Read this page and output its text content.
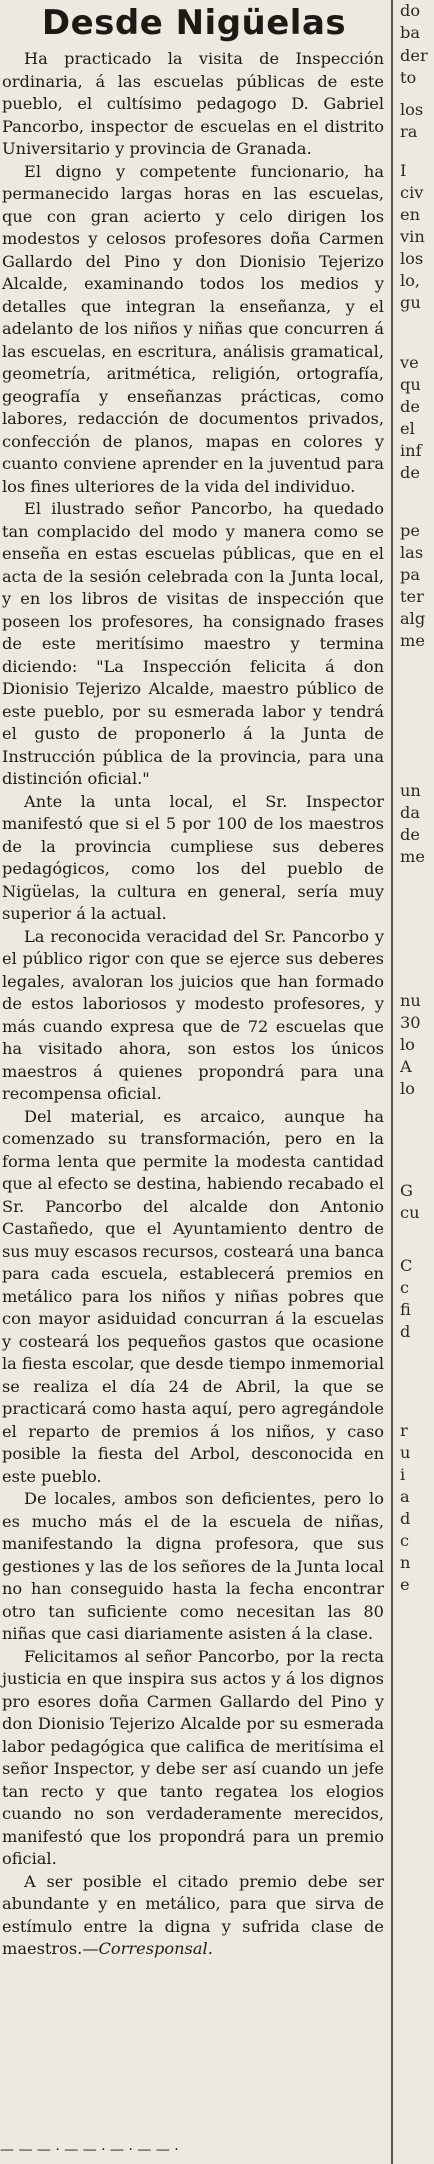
Desde Nigüelas

Ha practicado la visita de Inspección ordinaria, á las escuelas públicas de este pueblo, el cultísimo pedagogo D. Gabriel Pancorbo, inspector de escuelas en el distrito Universitario y provincia de Granada.

El digno y competente funcionario, ha permanecido largas horas en las escuelas, que con gran acierto y celo dirigen los modestos y celosos profesores doña Carmen Gallardo del Pino y don Dionisio Tejerizo Alcalde, examinando todos los medios y detalles que integran la enseñanza, y el adelanto de los niños y niñas que concurren á las escuelas, en escritura, análisis gramatical, geometría, aritmética, religión, ortografía, geografía y enseñanzas prácticas, como labores, redacción de documentos privados, confección de planos, mapas en colores y cuanto conviene aprender en la juventud para los fines ulteriores de la vida del individuo.

El ilustrado señor Pancorbo, ha quedado tan complacido del modo y manera como se enseña en estas escuelas públicas, que en el acta de la sesión celebrada con la Junta local, y en los libros de visitas de inspección que poseen los profesores, ha consignado frases de este meritísimo maestro y termina diciendo: "La Inspección felicita á don Dionisio Tejerizo Alcalde, maestro público de este pueblo, por su esmerada labor y tendrá el gusto de proponerlo á la Junta de Instrucción pública de la provincia, para una distinción oficial."

Ante la unta local, el Sr. Inspector manifestó que si el 5 por 100 de los maestros de la provincia cumpliese sus deberes pedagógicos, como los del pueblo de Nigüelas, la cultura en general, sería muy superior á la actual.

La reconocida veracidad del Sr. Pancorbo y el público rigor con que se ejerce sus deberes legales, avaloran los juicios que han formado de estos laboriosos y modesto profesores, y más cuando expresa que de 72 escuelas que ha visitado ahora, son estos los únicos maestros á quienes propondrá para una recompensa oficial.

Del material, es arcaico, aunque ha comenzado su transformación, pero en la forma lenta que permite la modesta cantidad que al efecto se destina, habiendo recabado el Sr. Pancorbo del alcalde don Antonio Castañedo, que el Ayuntamiento dentro de sus muy escasos recursos, costeará una banca para cada escuela, establecerá premios en metálico para los niños y niñas pobres que con mayor asiduidad concurran á la escuelas y costeará los pequeños gastos que ocasione la fiesta escolar, que desde tiempo inmemorial se realiza el día 24 de Abril, la que se practicará como hasta aquí, pero agregándole el reparto de premios á los niños, y caso posible la fiesta del Arbol, desconocida en este pueblo.

De locales, ambos son deficientes, pero lo es mucho más el de la escuela de niñas, manifestando la digna profesora, que sus gestiones y las de los señores de la Junta local no han conseguido hasta la fecha encontrar otro tan suficiente como necesitan las 80 niñas que casi diariamente asisten á la clase.

Felicitamos al señor Pancorbo, por la recta justicia en que inspira sus actos y á los dignos pro esores doña Carmen Gallardo del Pino y don Dionisio Tejerizo Alcalde por su esmerada labor pedagógica que califica de meritísima el señor Inspector, y debe ser así cuando un jefe tan recto y que tanto regatea los elogios cuando no son verdaderamente merecidos, manifestó que los propondrá para un premio oficial.

A ser posible el citado premio debe ser abundante y en metálico, para que sirva de estímulo entre la digna y sufrida clase de maestros.—Corresponsal.

do
ba
der
to
los
ra
I
civ
en
vin
los
lo,
gu
ve
qu
de
el
inf
de
pe
las
pa
ter
alg
me
un
da
de
me
nu
30
lo
A
lo
G
cu
C
c
fi
d
r
u
i
a
d
c
n
e
— — — · — — · — · — — ·
